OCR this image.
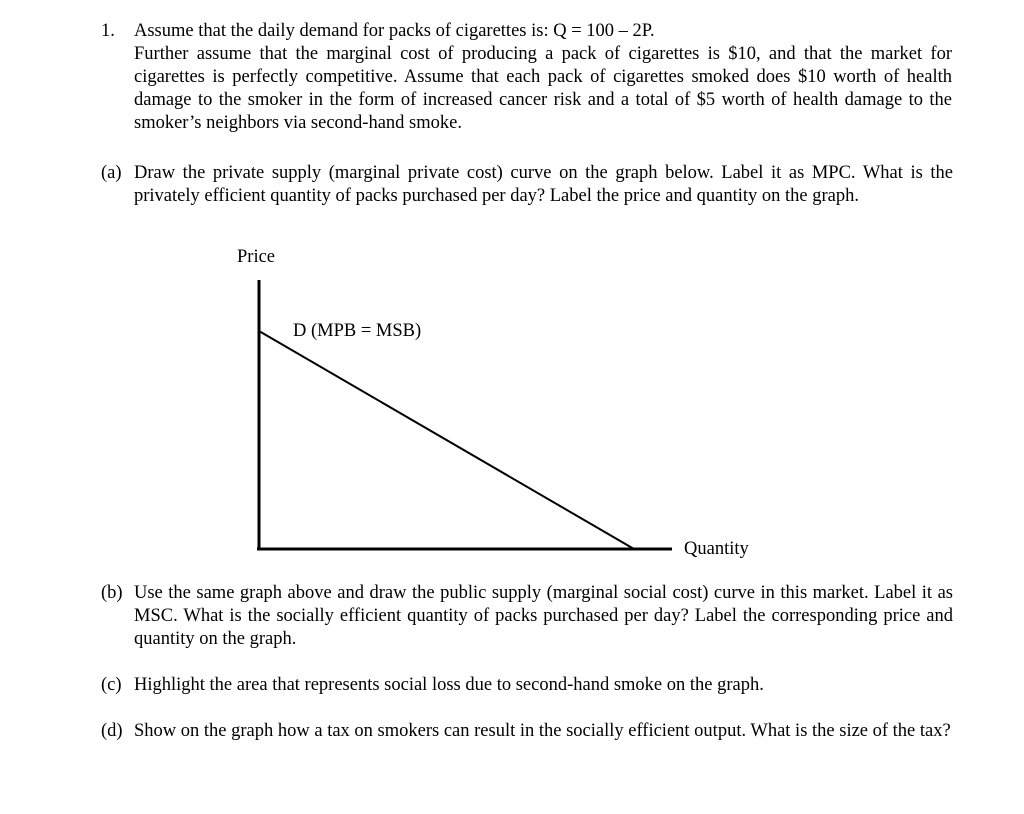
1. Assume that the daily demand for packs of cigarettes is: Q = 100 – 2P.

Further assume that the marginal cost of producing a pack of cigarettes is $10, and that the market for cigarettes is perfectly competitive. Assume that each pack of cigarettes smoked does $10 worth of health damage to the smoker in the form of increased cancer risk and a total of $5 worth of health damage to the smoker’s neighbors via second-hand smoke.

(a) Draw the private supply (marginal private cost) curve on the graph below. Label it as MPC. What is the privately efficient quantity of packs purchased per day? Label the price and quantity on the graph.

Price

D (MPB = MSB)

Quantity

(b) Use the same graph above and draw the public supply (marginal social cost) curve in this market. Label it as MSC. What is the socially efficient quantity of packs purchased per day? Label the corresponding price and quantity on the graph.

(c) Highlight the area that represents social loss due to second-hand smoke on the graph.

(d) Show on the graph how a tax on smokers can result in the socially efficient output. What is the size of the tax?
